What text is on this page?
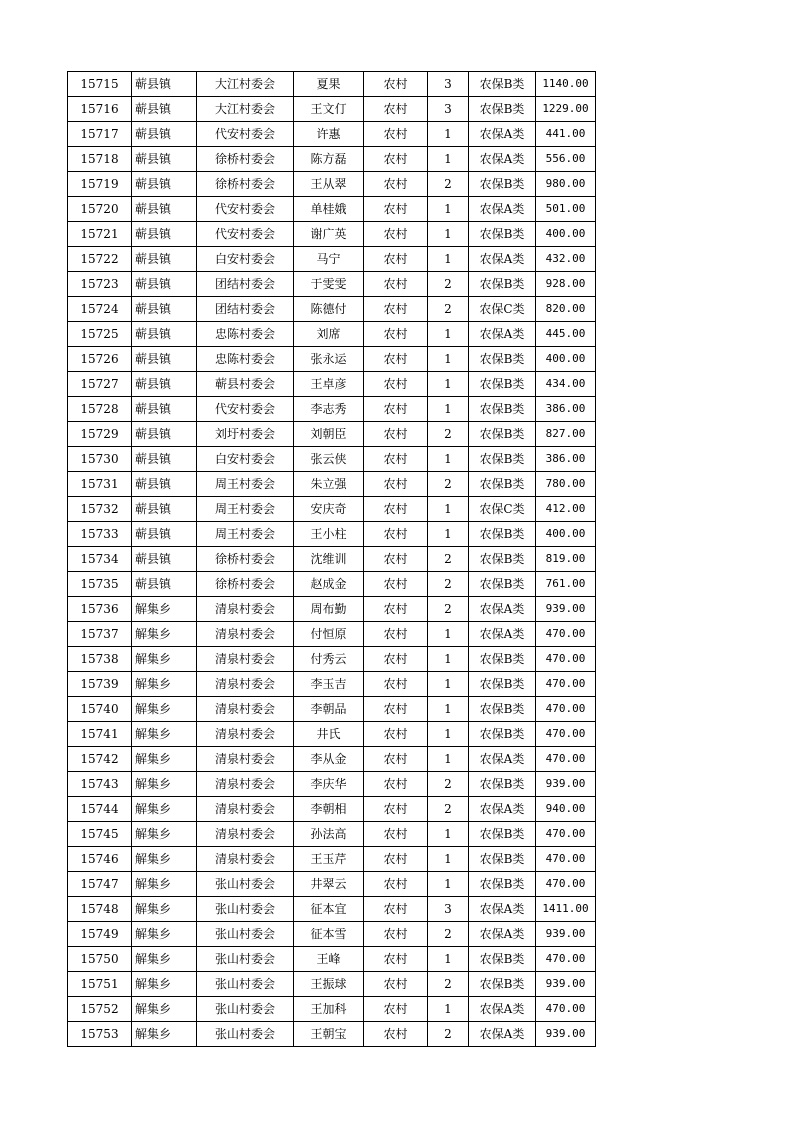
15715	蕲县镇	大江村委会	夏果	农村	3	农保B类	1140.00
15716	蕲县镇	大江村委会	王文仃	农村	3	农保B类	1229.00
15717	蕲县镇	代安村委会	许惠	农村	1	农保A类	441.00
15718	蕲县镇	徐桥村委会	陈方磊	农村	1	农保A类	556.00
15719	蕲县镇	徐桥村委会	王从翠	农村	2	农保B类	980.00
15720	蕲县镇	代安村委会	单桂娥	农村	1	农保A类	501.00
15721	蕲县镇	代安村委会	谢广英	农村	1	农保B类	400.00
15722	蕲县镇	白安村委会	马宁	农村	1	农保A类	432.00
15723	蕲县镇	团结村委会	于雯雯	农村	2	农保B类	928.00
15724	蕲县镇	团结村委会	陈德付	农村	2	农保C类	820.00
15725	蕲县镇	忠陈村委会	刘席	农村	1	农保A类	445.00
15726	蕲县镇	忠陈村委会	张永运	农村	1	农保B类	400.00
15727	蕲县镇	蕲县村委会	王卓彦	农村	1	农保B类	434.00
15728	蕲县镇	代安村委会	李志秀	农村	1	农保B类	386.00
15729	蕲县镇	刘圩村委会	刘朝臣	农村	2	农保B类	827.00
15730	蕲县镇	白安村委会	张云侠	农村	1	农保B类	386.00
15731	蕲县镇	周王村委会	朱立强	农村	2	农保B类	780.00
15732	蕲县镇	周王村委会	安庆奇	农村	1	农保C类	412.00
15733	蕲县镇	周王村委会	王小柱	农村	1	农保B类	400.00
15734	蕲县镇	徐桥村委会	沈维训	农村	2	农保B类	819.00
15735	蕲县镇	徐桥村委会	赵成金	农村	2	农保B类	761.00
15736	解集乡	清泉村委会	周布勤	农村	2	农保A类	939.00
15737	解集乡	清泉村委会	付恒原	农村	1	农保A类	470.00
15738	解集乡	清泉村委会	付秀云	农村	1	农保B类	470.00
15739	解集乡	清泉村委会	李玉吉	农村	1	农保B类	470.00
15740	解集乡	清泉村委会	李朝品	农村	1	农保B类	470.00
15741	解集乡	清泉村委会	井氏	农村	1	农保B类	470.00
15742	解集乡	清泉村委会	李从金	农村	1	农保A类	470.00
15743	解集乡	清泉村委会	李庆华	农村	2	农保B类	939.00
15744	解集乡	清泉村委会	李朝相	农村	2	农保A类	940.00
15745	解集乡	清泉村委会	孙法高	农村	1	农保B类	470.00
15746	解集乡	清泉村委会	王玉芹	农村	1	农保B类	470.00
15747	解集乡	张山村委会	井翠云	农村	1	农保B类	470.00
15748	解集乡	张山村委会	征本宜	农村	3	农保A类	1411.00
15749	解集乡	张山村委会	征本雪	农村	2	农保A类	939.00
15750	解集乡	张山村委会	王峰	农村	1	农保B类	470.00
15751	解集乡	张山村委会	王振球	农村	2	农保B类	939.00
15752	解集乡	张山村委会	王加科	农村	1	农保A类	470.00
15753	解集乡	张山村委会	王朝宝	农村	2	农保A类	939.00
